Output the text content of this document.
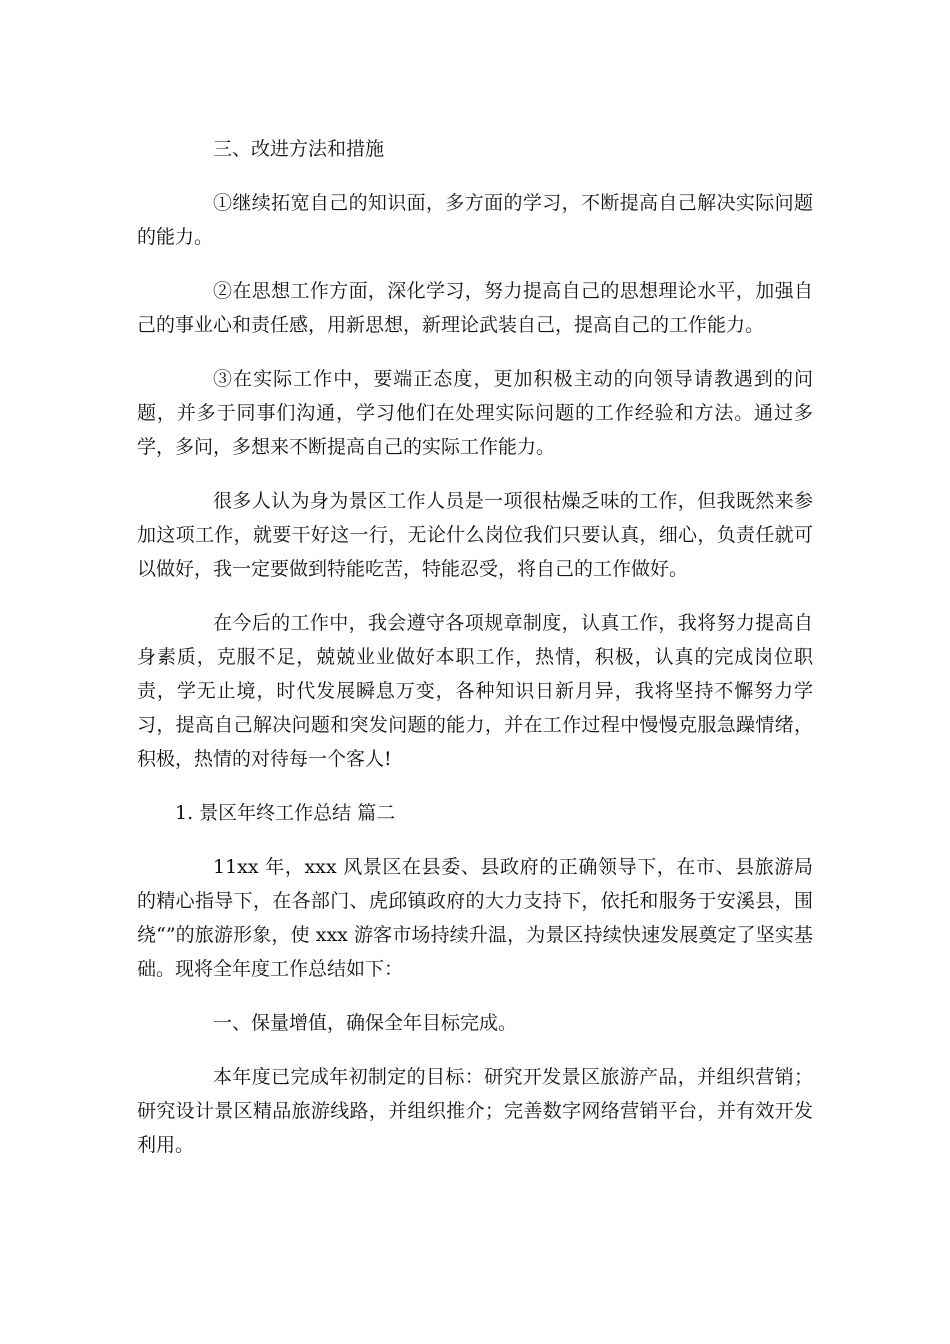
三、改进方法和措施

①继续拓宽自己的知识面，多方面的学习，不断提高自己解决实际问题的能力。

②在思想工作方面，深化学习，努力提高自己的思想理论水平，加强自己的事业心和责任感，用新思想，新理论武装自己，提高自己的工作能力。

③在实际工作中，要端正态度，更加积极主动的向领导请教遇到的问题，并多于同事们沟通，学习他们在处理实际问题的工作经验和方法。通过多学，多问，多想来不断提高自己的实际工作能力。

很多人认为身为景区工作人员是一项很枯燥乏味的工作，但我既然来参加这项工作，就要干好这一行，无论什么岗位我们只要认真，细心，负责任就可以做好，我一定要做到特能吃苦，特能忍受，将自己的工作做好。

在今后的工作中，我会遵守各项规章制度，认真工作，我将努力提高自身素质，克服不足，兢兢业业做好本职工作，热情，积极，认真的完成岗位职责，学无止境，时代发展瞬息万变，各种知识日新月异，我将坚持不懈努力学习，提高自己解决问题和突发问题的能力，并在工作过程中慢慢克服急躁情绪，积极，热情的对待每一个客人!

1. 景区年终工作总结 篇二

11xx 年，xxx 风景区在县委、县政府的正确领导下，在市、县旅游局的精心指导下，在各部门、虎邱镇政府的大力支持下，依托和服务于安溪县，围绕“”的旅游形象，使 xxx 游客市场持续升温，为景区持续快速发展奠定了坚实基础。现将全年度工作总结如下：

一、保量增值，确保全年目标完成。

本年度已完成年初制定的目标：研究开发景区旅游产品，并组织营销；研究设计景区精品旅游线路，并组织推介；完善数字网络营销平台，并有效开发利用。
